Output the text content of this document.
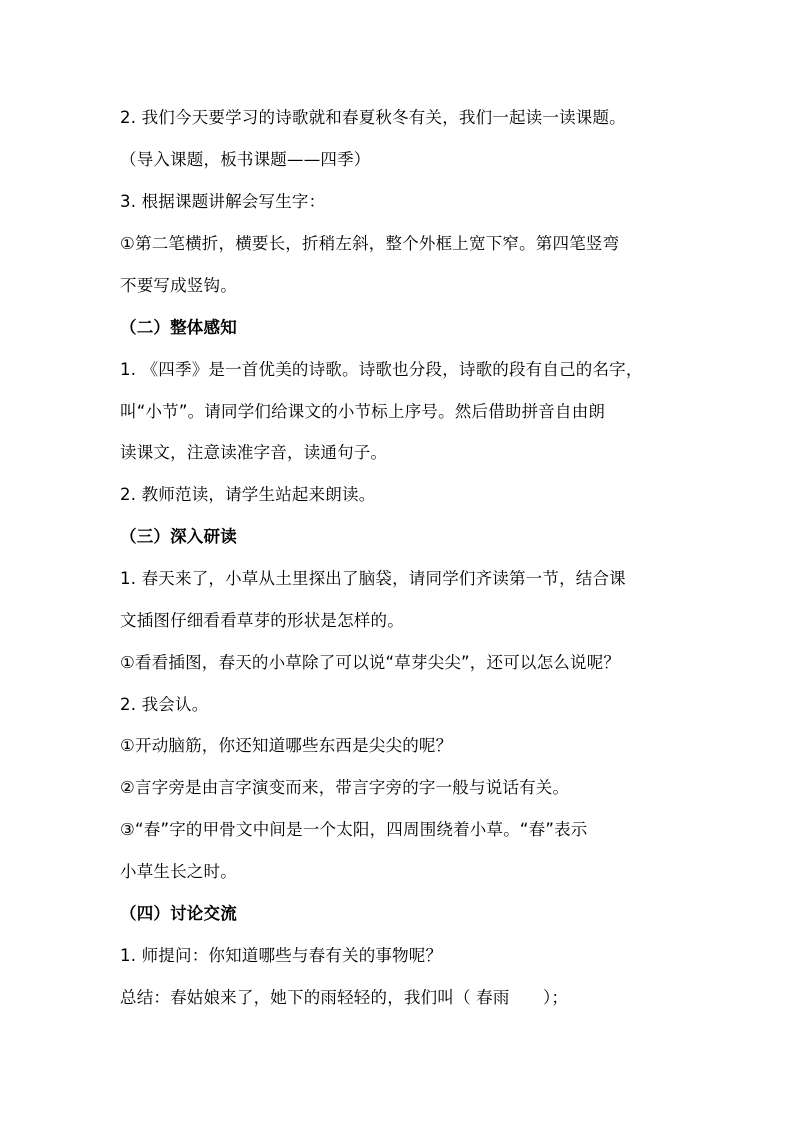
2. 我们今天要学习的诗歌就和春夏秋冬有关，我们一起读一读课题。
（导入课题，板书课题——四季）
3. 根据课题讲解会写生字：
①第二笔横折，横要长，折稍左斜，整个外框上宽下窄。第四笔竖弯
不要写成竖钩。
（二）整体感知
1. 《四季》是一首优美的诗歌。诗歌也分段，诗歌的段有自己的名字，
叫“小节”。请同学们给课文的小节标上序号。然后借助拼音自由朗
读课文，注意读准字音，读通句子。
2. 教师范读，请学生站起来朗读。
（三）深入研读
1. 春天来了，小草从土里探出了脑袋，请同学们齐读第一节，结合课
文插图仔细看看草芽的形状是怎样的。
①看看插图，春天的小草除了可以说“草芽尖尖”，还可以怎么说呢？
2. 我会认。
①开动脑筋，你还知道哪些东西是尖尖的呢？
②言字旁是由言字演变而来，带言字旁的字一般与说话有关。
③“春”字的甲骨文中间是一个太阳，四周围绕着小草。“春”表示
小草生长之时。
（四）讨论交流
1. 师提问：你知道哪些与春有关的事物呢？
总结：春姑娘来了，她下的雨轻轻的，我们叫（ 春雨　　）；
